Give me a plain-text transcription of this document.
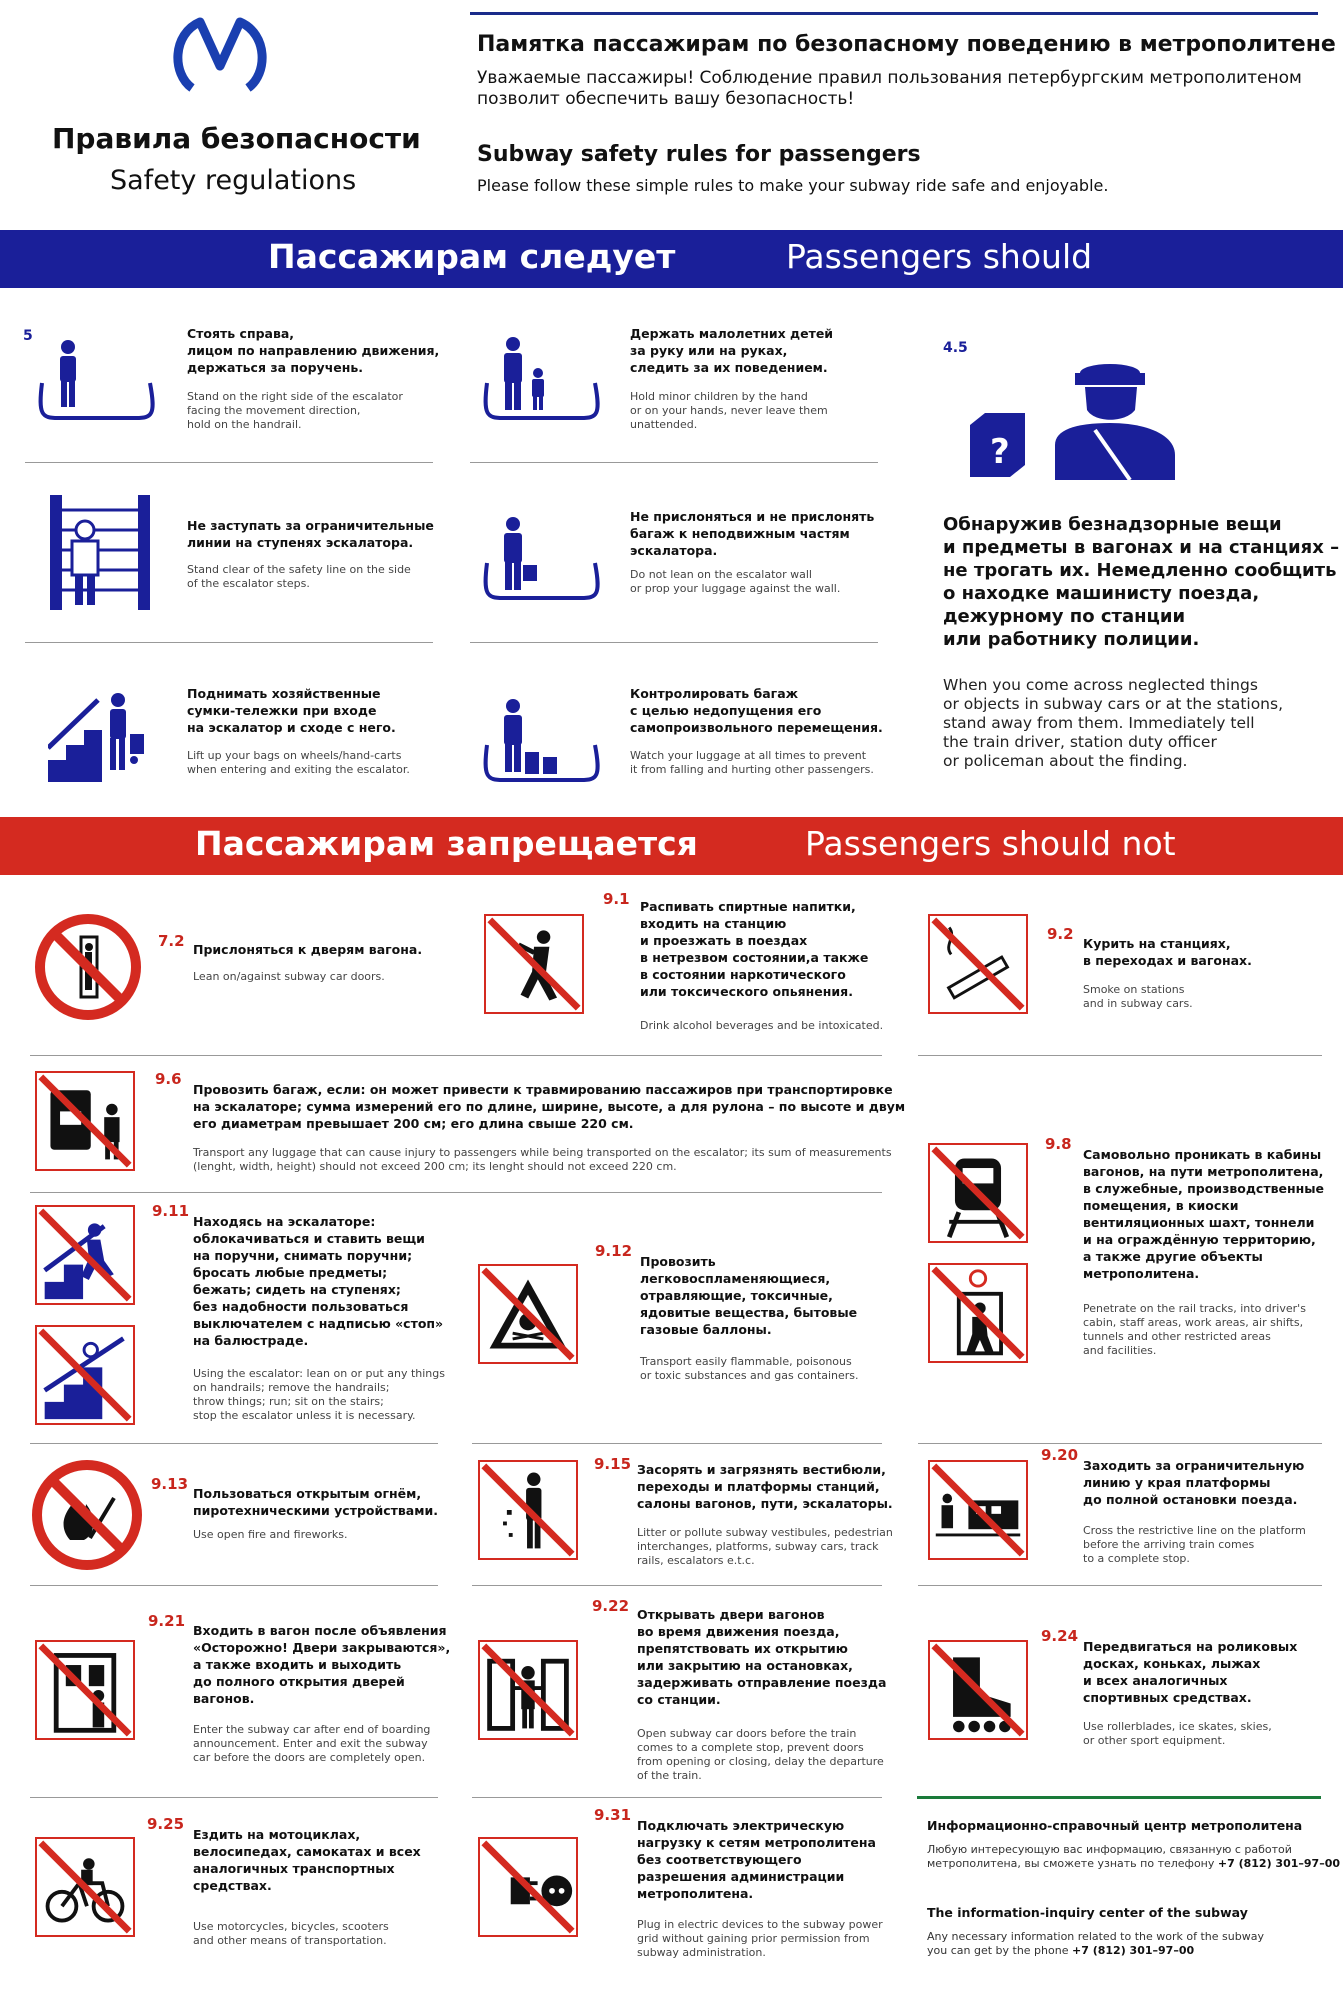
Правила безопасности
Safety regulations
Памятка пассажирам по безопасному поведению в метрополитене
Уважаемые пассажиры! Соблюдение правил пользования петербургским метрополитеном позволит обеспечить вашу безопасность!
Subway safety rules for passengers
Please follow these simple rules to make your subway ride safe and enjoyable.
Пассажирам следует	Passengers should
5	Стоять справа,
лицом по направлению движения,
держаться за поручень.
Stand on the right side of the escalator
facing the movement direction,
hold on the handrail.
Держать малолетних детей
за руку или на руках,
следить за их поведением.
Hold minor children by the hand
or on your hands, never leave them
unattended.
Не заступать за ограничительные
линии на ступенях эскалатора.
Stand clear of the safety line on the side
of the escalator steps.
Не прислоняться и не прислонять
багаж к неподвижным частям
эскалатора.
Do not lean on the escalator wall
or prop your luggage against the wall.
Поднимать хозяйственные
сумки-тележки при входе
на эскалатор и сходе с него.
Lift up your bags on wheels/hand-carts
when entering and exiting the escalator.
Контролировать багаж
с целью недопущения его
самопроизвольного перемещения.
Watch your luggage at all times to prevent
it from falling and hurting other passengers.
4.5
?
Обнаружив безнадзорные вещи
и предметы в вагонах и на станциях –
не трогать их. Немедленно сообщить
о находке машинисту поезда,
дежурному по станции
или работнику полиции.
When you come across neglected things
or objects in subway cars or at the stations,
stand away from them. Immediately tell
the train driver, station duty officer
or policeman about the finding.
Пассажирам запрещается	Passengers should not
7.2 Прислоняться к дверям вагона.
Lean on/against subway car doors.
9.1 Распивать спиртные напитки,
входить на станцию
и проезжать в поездах
в нетрезвом состоянии,а также
в состоянии наркотического
или токсического опьянения.
Drink alcohol beverages and be intoxicated.
9.2
Курить на станциях,
в переходах и вагонах.
Smoke on stations
and in subway cars.
9.6
Провозить багаж, если: он может привести к травмированию пассажиров при транспортировке
на эскалаторе; сумма измерений его по длине, ширине, высоте, а для рулона – по высоте и двум
его диаметрам превышает 200 см; его длина свыше 220 см.
Transport any luggage that can cause injury to passengers while being transported on the escalator; its sum of measurements
(lenght, width, height) should not exceed 200 cm; its lenght should not exceed 220 cm.
9.8
Самовольно проникать в кабины
вагонов, на пути метрополитена,
в служебные, производственные
помещения, в киоски
вентиляционных шахт, тоннели
и на ограждённую территорию,
а также другие объекты
метрополитена.
Penetrate on the rail tracks, into driver's
cabin, staff areas, work areas, air shifts,
tunnels and other restricted areas
and facilities.
9.11
Находясь на эскалаторе:
облокачиваться и ставить вещи
на поручни, снимать поручни;
бросать любые предметы;
бежать; сидеть на ступенях;
без надобности пользоваться
выключателем с надписью «стоп»
на балюстраде.
Using the escalator: lean on or put any things
on handrails; remove the handrails;
throw things; run; sit on the stairs;
stop the escalator unless it is necessary.
9.12
Провозить
легковоспламеняющиеся,
отравляющие, токсичные,
ядовитые вещества, бытовые
газовые баллоны.
Transport easily flammable, poisonous
or toxic substances and gas containers.
9.13
Пользоваться открытым огнём,
пиротехническими устройствами.
Use open fire and fireworks.
9.15 Засорять и загрязнять вестибюли,
переходы и платформы станций,
салоны вагонов, пути, эскалаторы.
Litter or pollute subway vestibules, pedestrian
interchanges, platforms, subway cars, track
rails, escalators e.t.c.
9.20
Заходить за ограничительную
линию у края платформы
до полной остановки поезда.
Cross the restrictive line on the platform
before the arriving train comes
to a complete stop.
9.21
Входить в вагон после объявления
«Осторожно! Двери закрываются»,
а также входить и выходить
до полного открытия дверей
вагонов.
Enter the subway car after end of boarding
announcement. Enter and exit the subway
car before the doors are completely open.
9.22 Открывать двери вагонов
во время движения поезда,
препятствовать их открытию
или закрытию на остановках,
задерживать отправление поезда
со станции.
Open subway car doors before the train
comes to a complete stop, prevent doors
from opening or closing, delay the departure
of the train.
9.24
Передвигаться на роликовых
досках, коньках, лыжах
и всех аналогичных
спортивных средствах.
Use rollerblades, ice skates, skies,
or other sport equipment.
9.25
Ездить на мотоциклах,
велосипедах, самокатах и всех
аналогичных транспортных
средствах.
Use motorcycles, bicycles, scooters
and other means of transportation.
9.31
Подключать электрическую
нагрузку к сетям метрополитена
без соответствующего
разрешения администрации
метрополитена.
Plug in electric devices to the subway power
grid without gaining prior permission from
subway administration.
Информационно-справочный центр метрополитена
Любую интересующую вас информацию, связанную с работой
метрополитена, вы сможете узнать по телефону +7 (812) 301–97–00
The information-inquiry center of the subway
Any necessary information related to the work of the subway
you can get by the phone +7 (812) 301–97–00
